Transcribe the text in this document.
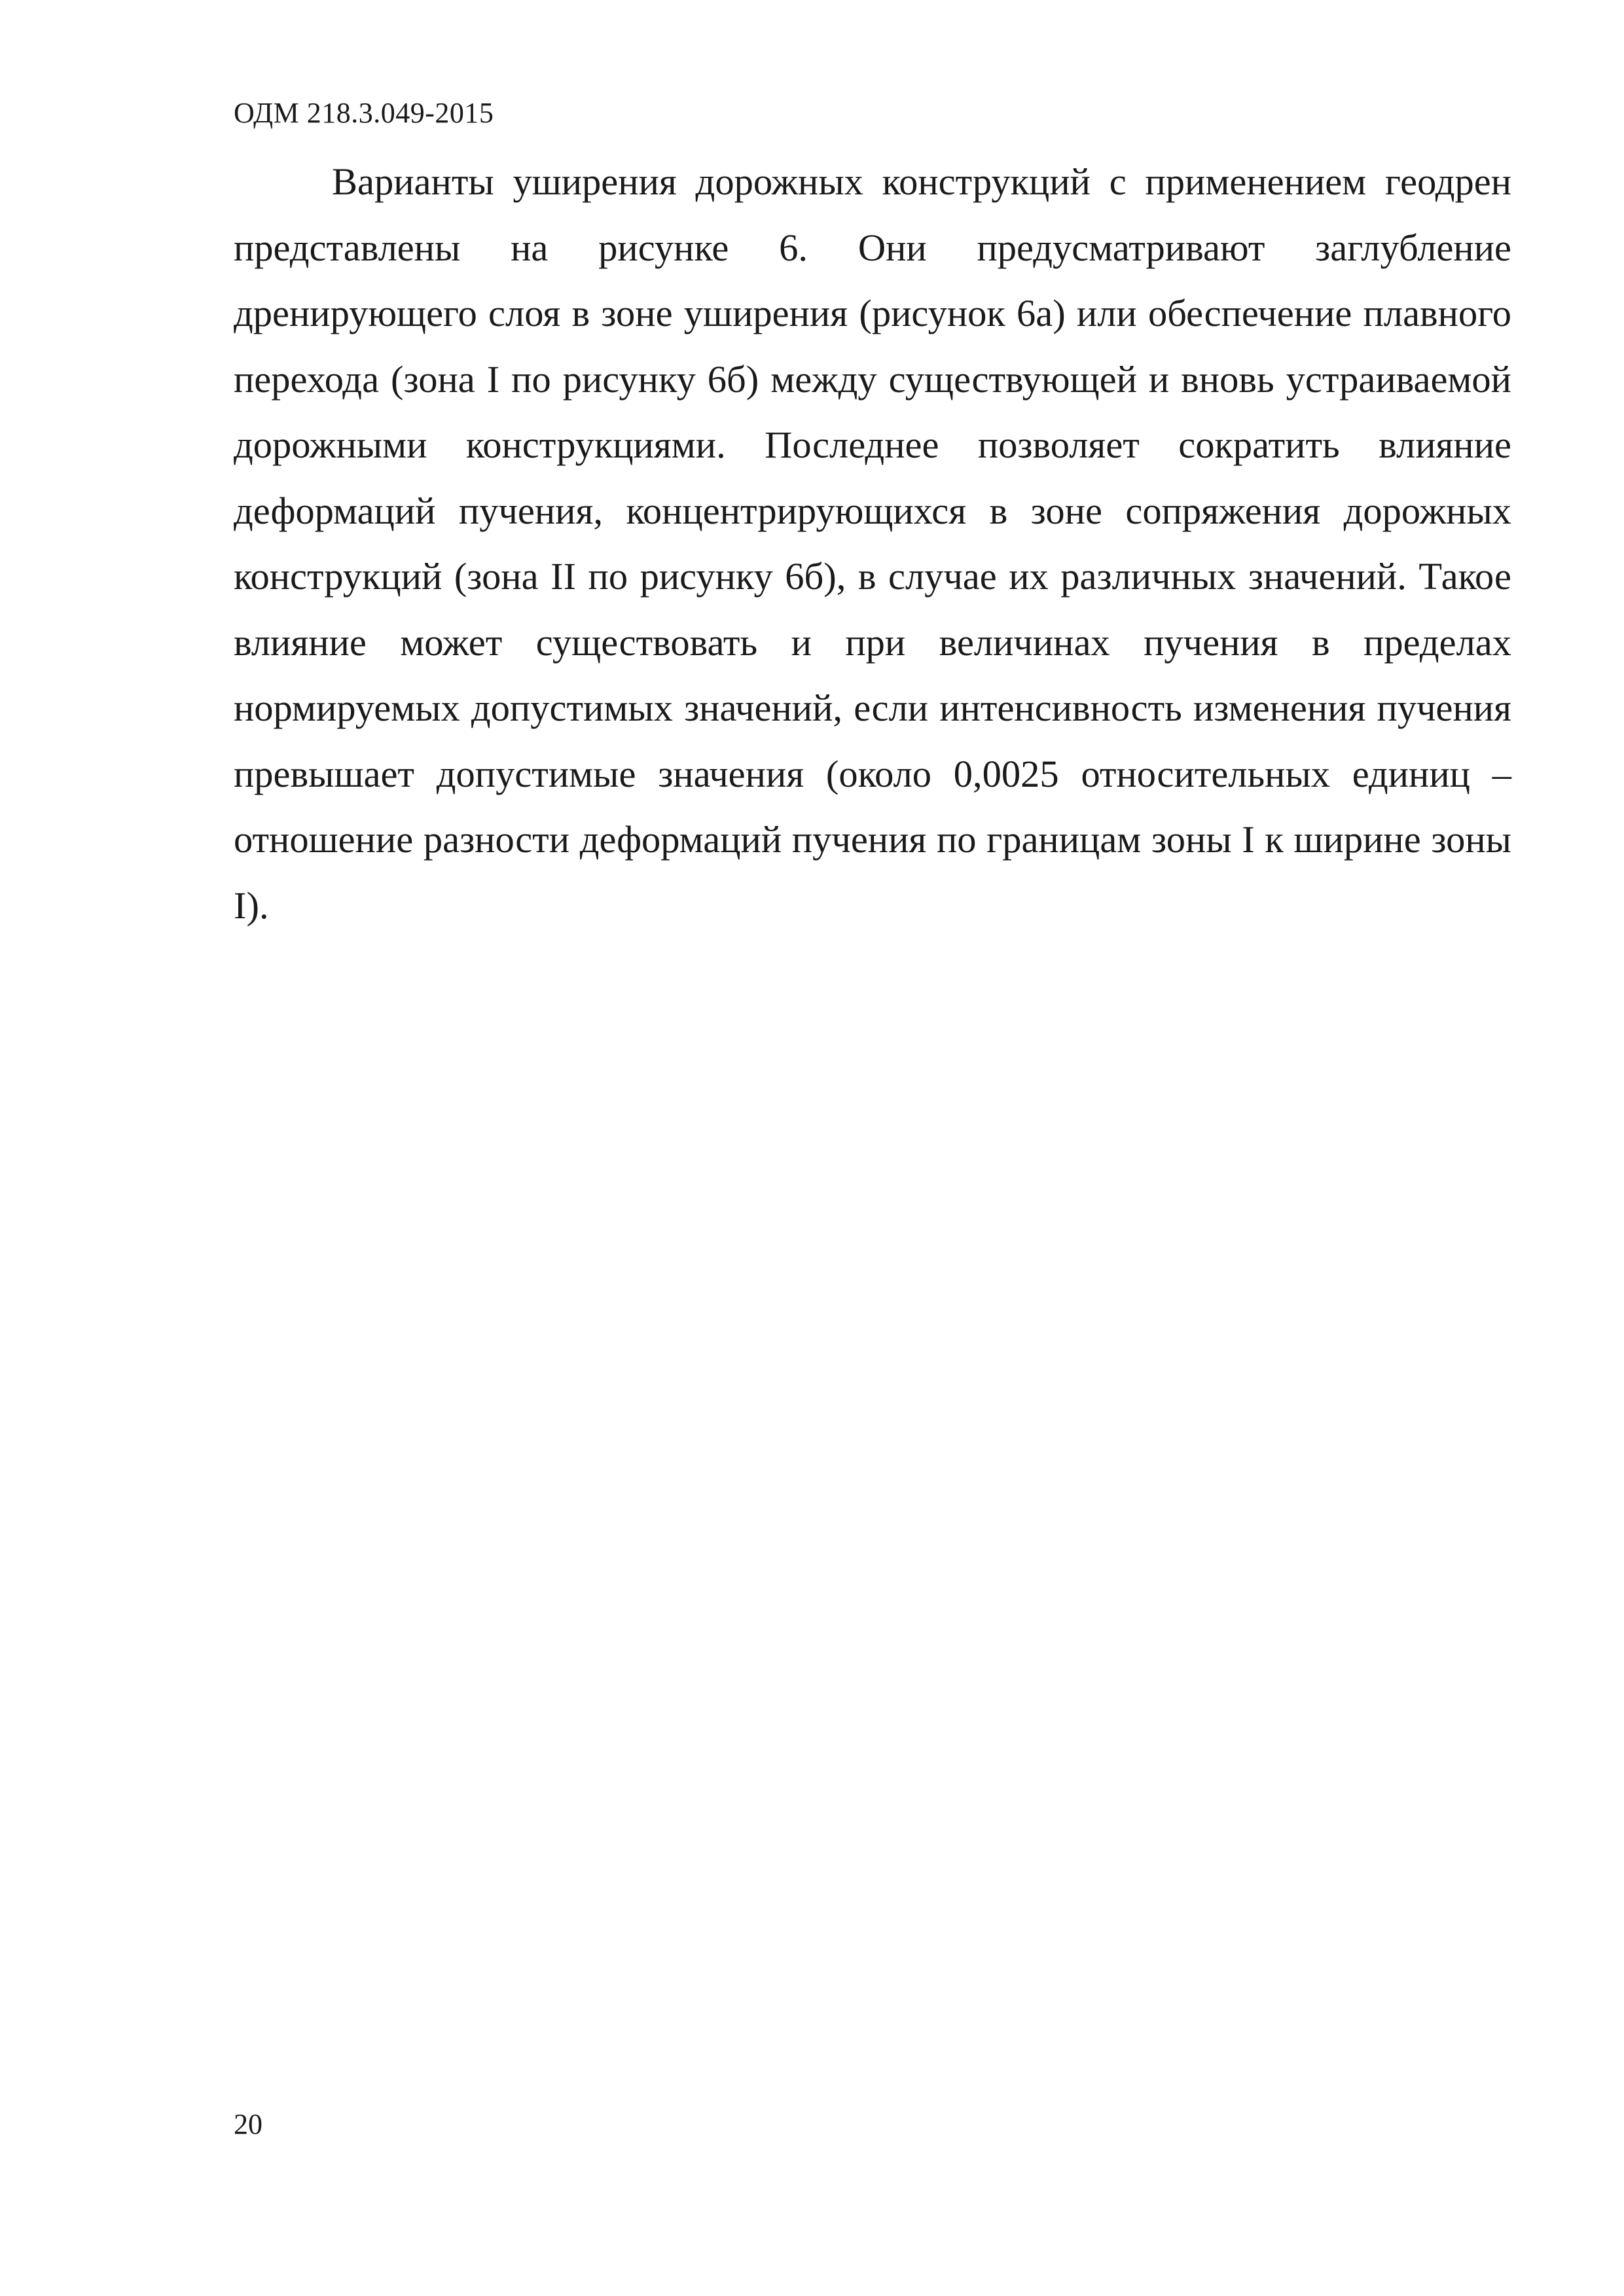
ОДМ 218.3.049-2015

Варианты уширения дорожных конструкций с применением геодрен представлены на рисунке 6. Они предусматривают заглубление дренирующего слоя в зоне уширения (рисунок 6а) или обеспечение плавного перехода (зона I по рисунку 6б) между существующей и вновь устраиваемой дорожными конструкциями. Последнее позволяет сократить влияние деформаций пучения, концентрирующихся в зоне сопряжения дорожных конструкций (зона II по рисунку 6б), в случае их различных значений. Такое влияние может существовать и при величинах пучения в пределах нормируемых допустимых значений, если интенсивность изменения пучения превышает допустимые значения (около 0,0025 относительных единиц – отношение разности деформаций пучения по границам зоны I к ширине зоны I).

20
